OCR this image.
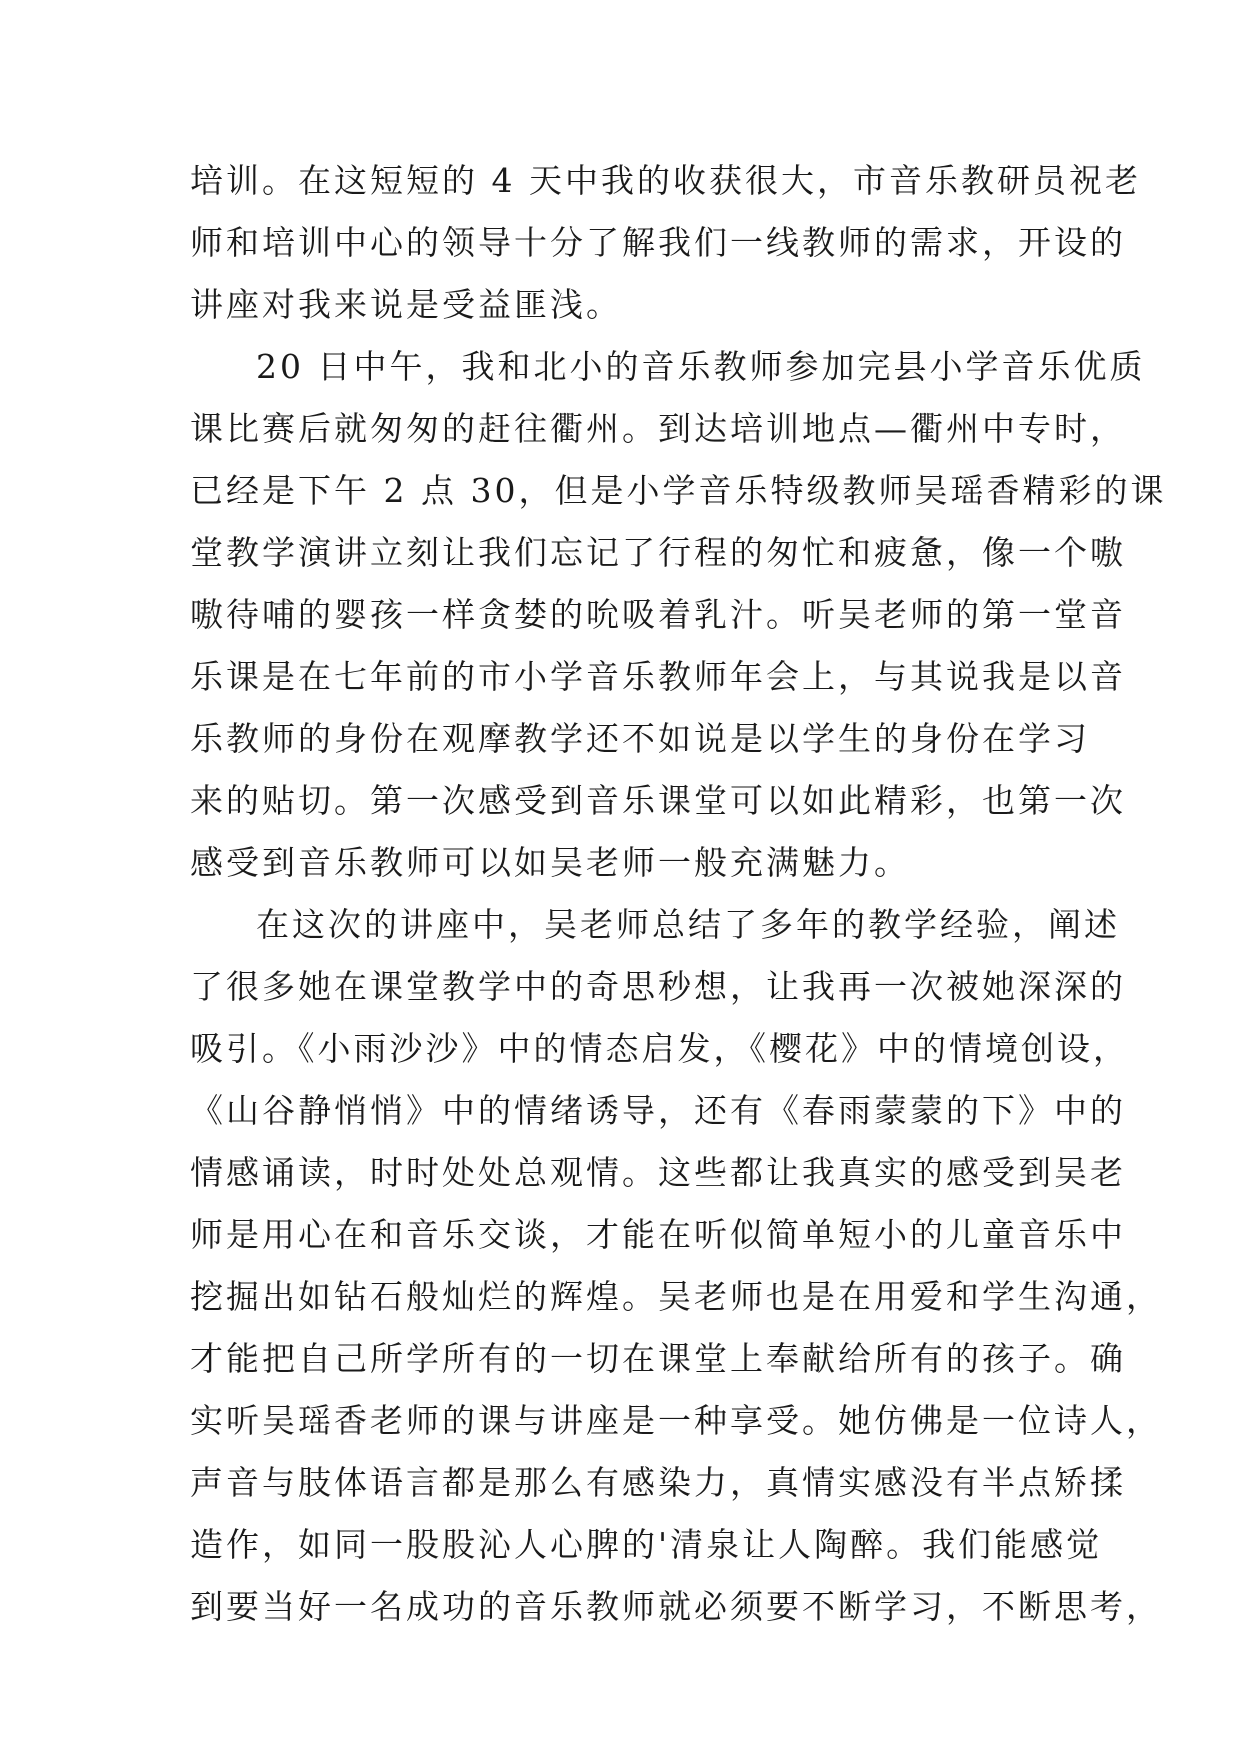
培训。在这短短的 4 天中我的收获很大，市音乐教研员祝老
师和培训中心的领导十分了解我们一线教师的需求，开设的
讲座对我来说是受益匪浅。
20 日中午，我和北小的音乐教师参加完县小学音乐优质
课比赛后就匆匆的赶往衢州。到达培训地点—衢州中专时，
已经是下午 2 点 30，但是小学音乐特级教师吴瑶香精彩的课
堂教学演讲立刻让我们忘记了行程的匆忙和疲惫，像一个嗷
嗷待哺的婴孩一样贪婪的吮吸着乳汁。听吴老师的第一堂音
乐课是在七年前的市小学音乐教师年会上，与其说我是以音
乐教师的身份在观摩教学还不如说是以学生的身份在学习
来的贴切。第一次感受到音乐课堂可以如此精彩，也第一次
感受到音乐教师可以如吴老师一般充满魅力。
在这次的讲座中，吴老师总结了多年的教学经验，阐述
了很多她在课堂教学中的奇思秒想，让我再一次被她深深的
吸引。《小雨沙沙》中的情态启发，《樱花》中的情境创设，
《山谷静悄悄》中的情绪诱导，还有《春雨蒙蒙的下》中的
情感诵读，时时处处总观情。这些都让我真实的感受到吴老
师是用心在和音乐交谈，才能在听似简单短小的儿童音乐中
挖掘出如钻石般灿烂的辉煌。吴老师也是在用爱和学生沟通，
才能把自己所学所有的一切在课堂上奉献给所有的孩子。确
实听吴瑶香老师的课与讲座是一种享受。她仿佛是一位诗人，
声音与肢体语言都是那么有感染力，真情实感没有半点矫揉
造作，如同一股股沁人心脾的'清泉让人陶醉。我们能感觉
到要当好一名成功的音乐教师就必须要不断学习，不断思考，
